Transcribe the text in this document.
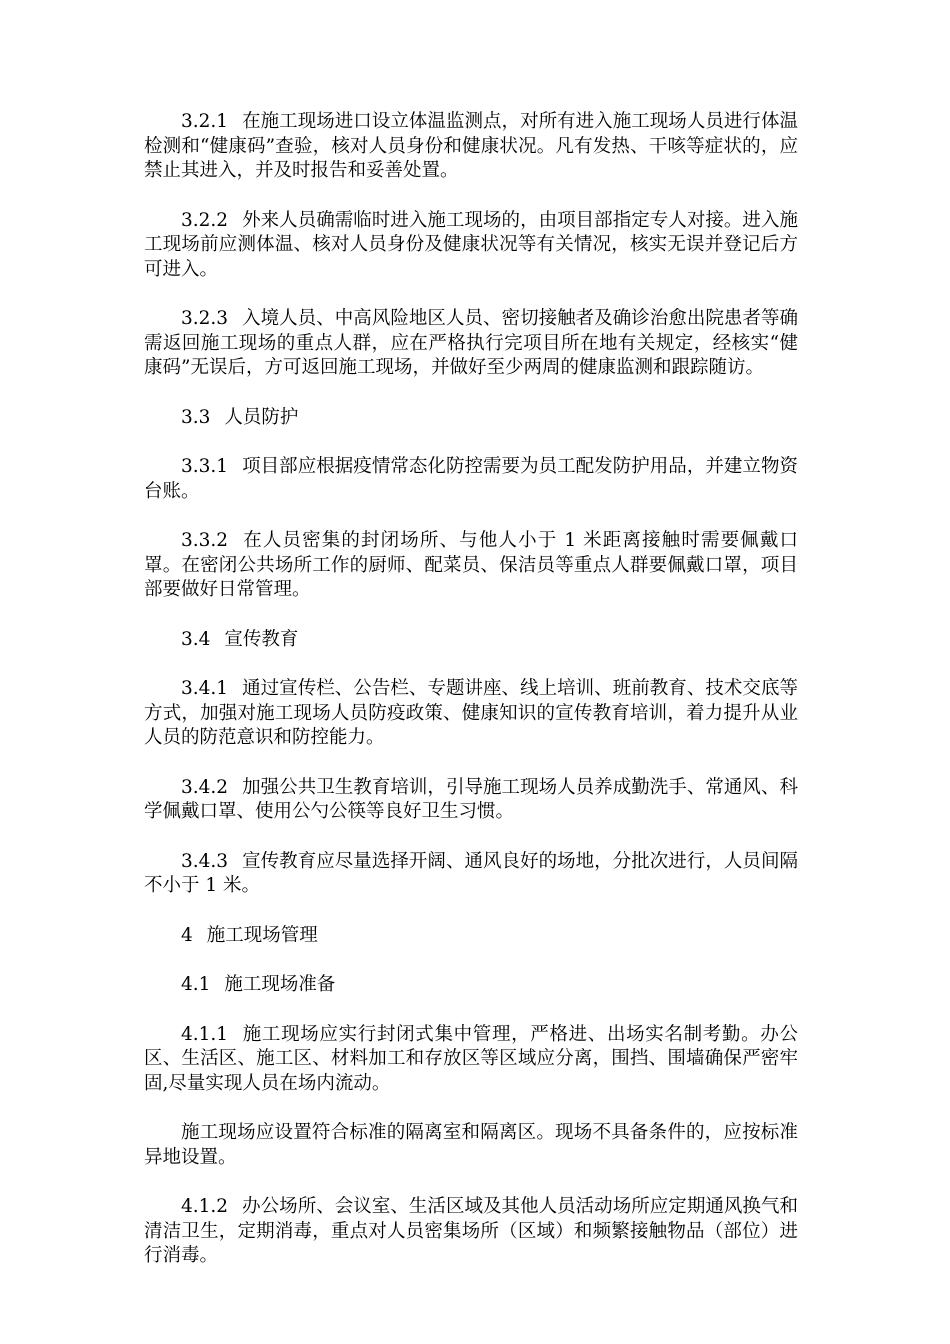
3.2.1 在施工现场进口设立体温监测点，对所有进入施工现场人员进行体温检测和“健康码”查验，核对人员身份和健康状况。凡有发热、干咳等症状的，应禁止其进入，并及时报告和妥善处置。

3.2.2 外来人员确需临时进入施工现场的，由项目部指定专人对接。进入施工现场前应测体温、核对人员身份及健康状况等有关情况，核实无误并登记后方可进入。

3.2.3 入境人员、中高风险地区人员、密切接触者及确诊治愈出院患者等确需返回施工现场的重点人群，应在严格执行完项目所在地有关规定，经核实“健康码”无误后，方可返回施工现场，并做好至少两周的健康监测和跟踪随访。

3.3 人员防护

3.3.1 项目部应根据疫情常态化防控需要为员工配发防护用品，并建立物资台账。

3.3.2 在人员密集的封闭场所、与他人小于 1 米距离接触时需要佩戴口罩。在密闭公共场所工作的厨师、配菜员、保洁员等重点人群要佩戴口罩，项目部要做好日常管理。

3.4 宣传教育

3.4.1 通过宣传栏、公告栏、专题讲座、线上培训、班前教育、技术交底等方式，加强对施工现场人员防疫政策、健康知识的宣传教育培训，着力提升从业人员的防范意识和防控能力。

3.4.2 加强公共卫生教育培训，引导施工现场人员养成勤洗手、常通风、科学佩戴口罩、使用公勺公筷等良好卫生习惯。

3.4.3 宣传教育应尽量选择开阔、通风良好的场地，分批次进行，人员间隔不小于 1 米。

4 施工现场管理

4.1 施工现场准备

4.1.1 施工现场应实行封闭式集中管理，严格进、出场实名制考勤。办公区、生活区、施工区、材料加工和存放区等区域应分离，围挡、围墙确保严密牢固,尽量实现人员在场内流动。

施工现场应设置符合标准的隔离室和隔离区。现场不具备条件的，应按标准异地设置。

4.1.2 办公场所、会议室、生活区域及其他人员活动场所应定期通风换气和清洁卫生，定期消毒，重点对人员密集场所（区域）和频繁接触物品（部位）进行消毒。
